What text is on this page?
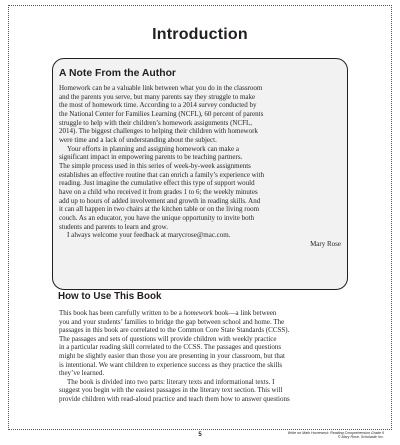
Introduction
A Note From the Author

Homework can be a valuable link between what you do in the classroom

and the parents you serve, but many parents say they struggle to make

the most of homework time. According to a 2014 survey conducted by

the National Center for Families Learning (NCFL), 60 percent of parents

struggle to help with their children’s homework assignments (NCFL,

2014). The biggest challenges to helping their children with homework

were time and a lack of understanding about the subject.

Your efforts in planning and assigning homework can make a

significant impact in empowering parents to be teaching partners.

The simple process used in this series of week-by-week assignments

establishes an effective routine that can enrich a family’s experience with

reading. Just imagine the cumulative effect this type of support would

have on a child who received it from grades 1 to 6; the weekly minutes

add up to hours of added involvement and growth in reading skills. And

it can all happen in two chairs at the kitchen table or on the living room

couch. As an educator, you have the unique opportunity to invite both

students and parents to learn and grow.

I always welcome your feedback at marycrose@mac.com.

Mary Rose

How to Use This Book

This book has been carefully written to be a homework book—a link between

you and your students’ families to bridge the gap between school and home. The

passages in this book are correlated to the Common Core State Standards (CCSS).

The passages and sets of questions will provide children with weekly practice

in a particular reading skill correlated to the CCSS. The passages and questions

might be slightly easier than those you are presenting in your classroom, but that

is intentional. We want children to experience success as they practice the skills

they’ve learned.

The book is divided into two parts: literary texts and informational texts. I

suggest you begin with the easiest passages in the literary text section. This will

provide children with read-aloud practice and teach them how to answer questions

5	Write on Math Homework: Reading Comprehension Grade 6
© Mary Rose, Scholastic Inc.
